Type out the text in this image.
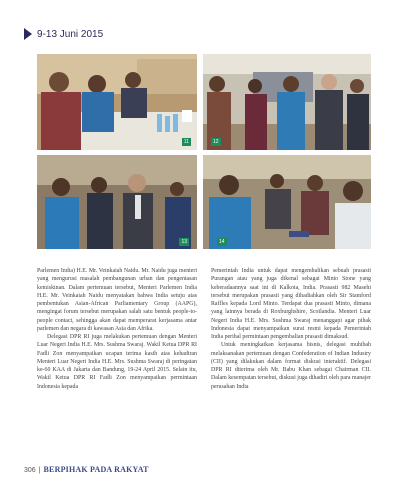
9-13 Juni 2015
11	12
13	14

Parlemen India) H.E. Mr. Veinkaiah Naidu. Mr. Naidu juga menteri yang mengurusi masalah pembangunan urban dan pengentasan kemiskinan. Dalam pertemuan tersebut, Menteri Parlemen India H.E. Mr. Veinkaiah Naidu menyatakan bahwa India setuju atas pembentukan Asian-African Parliamentary Group (AAPG), mengingat forum tersebut merupakan salah satu bentuk people-to-people contact, sehingga akan dapat memperarat kerjasama antar parlemen dan negara di kawasan Asia dan Afrika.

Delegasi DPR RI juga melakukan pertemuan dengan Menteri Luar Negeri India H.E. Mrs. Sushma Swaraj. Wakil Ketua DPR RI Fadli Zon menyampaikan ucapan terima kasih atas kehadiran Menteri Luar Negeri India H.E. Mrs. Sushma Swaraj di peringatan ke-60 KAA di Jakarta dan Bandung, 19-24 April 2015. Selain itu, Wakil Ketua DPR RI Fadli Zon menyampaikan permintaan Indonesia kepada

Pemerintah India untuk dapat mengembalikan sebuah prasasti Purangan atau yang juga dikenal sebagai Minto Stone yang keberadaannya saat ini di Kalkota, India. Prasasti 982 Masehi tersebut merupakan prasasti yang dihadiahkan oleh Sir Stamford Raffles kepada Lord Minto. Terdapat dua prasasti Minto, dimana yang lainnya berada di Roxburghshire, Scotlandia. Menteri Luar Negeri India H.E. Mrs. Sushma Swaraj menanggapi agar pihak Indonesia dapat menyampaikan surat resmi kepada Pemerintah India perihal permintaan pengembalian prasasti dimaksud.

Untuk meningkatkan kerjasama bisnis, delegasi muhibah melaksanakan pertemuan dengan Confederation of Indian Industry (CII) yang dilakukan dalam format diskusi interaktif. Delegasi DPR RI diterima oleh Mr. Babu Khan sebagai Chairman CII. Dalam kesempatan tersebut, diskusi juga dihadiri oleh para manajer perusahan India

306 | BERPIHAK PADA RAKYAT
